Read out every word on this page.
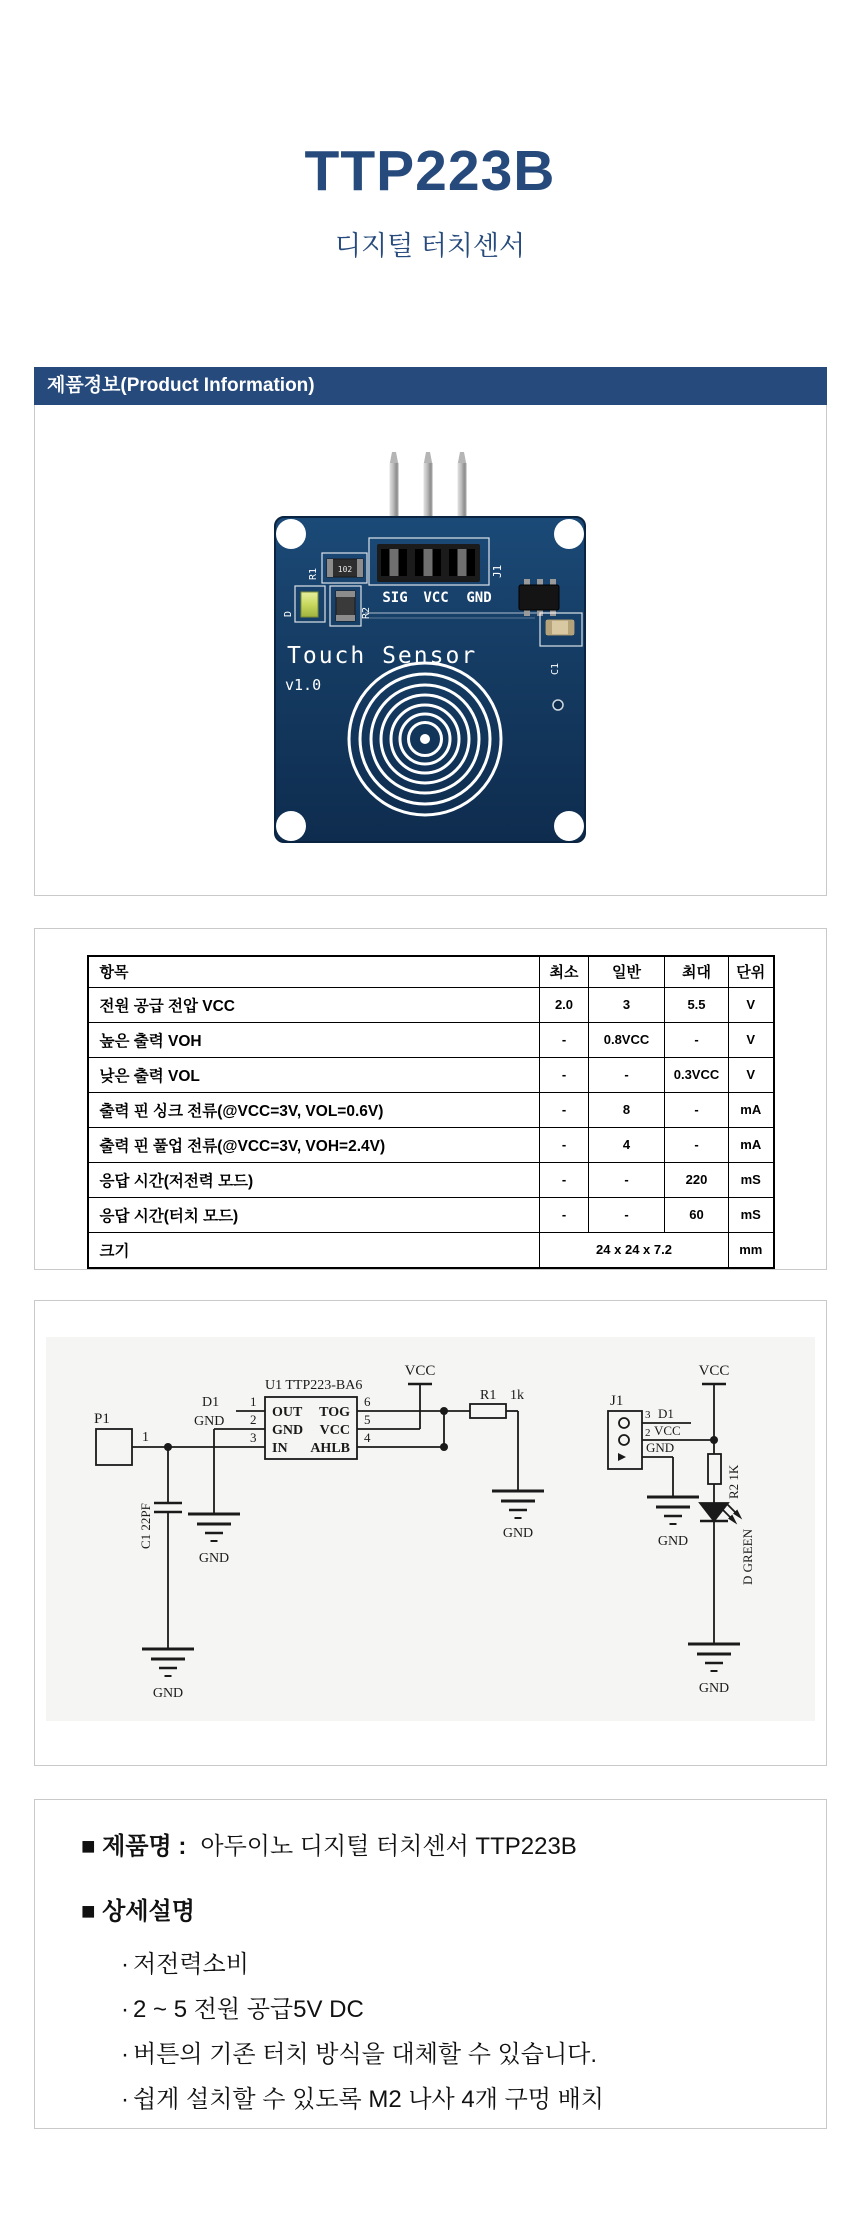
TTP223B
디지털 터치센서
제품정보(Product Information)
J1
SIG VCC GND
102
R1
D	R2
C1
Touch Sensor
v1.0
항목	최소	일반	최대	단위
전원 공급 전압 VCC	2.0	3	5.5	V
높은 출력 VOH	-	0.8VCC	-	V
낮은 출력 VOL	-	-	0.3VCC	V
출력 핀 싱크 전류(@VCC=3V, VOL=0.6V)	-	8	-	mA
출력 핀 풀업 전류(@VCC=3V, VOH=2.4V)	-	4	-	mA
응답 시간(저전력 모드)	-	-	220	mS
응답 시간(터치 모드)	-	-	60	mS
크기	24 x 24 x 7.2			mm
P1
1
C1 22PF
GND
GND
D1
GND
1
2
3
U1 TTP223-BA6
OUT
GND
IN
TOG
VCC
AHLB
6
5
4
VCC
R1 1k
GND
VCC
J1
3
2
D1
VCC
GND
GND
R2 1K
D GREEN
GND
■ 제품명 : 아두이노 디지털 터치센서 TTP223B
■ 상세설명
· 저전력소비
· 2 ~ 5 전원 공급5V DC
· 버튼의 기존 터치 방식을 대체할 수 있습니다.
· 쉽게 설치할 수 있도록 M2 나사 4개 구멍 배치
